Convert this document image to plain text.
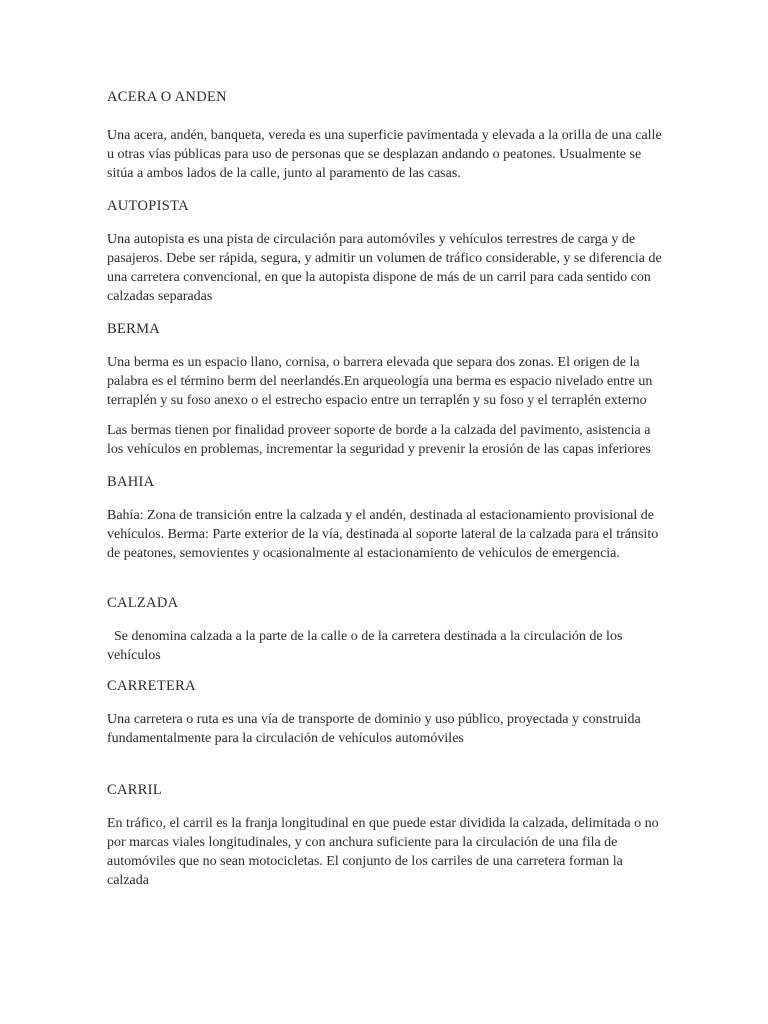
ACERA O ANDEN

Una acera, andén, banqueta, vereda es una superficie pavimentada y elevada a la orilla de una calle u otras vías públicas para uso de personas que se desplazan andando o peatones. Usualmente se sitúa a ambos lados de la calle, junto al paramento de las casas.

AUTOPISTA

Una autopista es una pista de circulación para automóviles y vehículos terrestres de carga y de pasajeros. Debe ser rápida, segura, y admitir un volumen de tráfico considerable, y se diferencia de una carretera convencional, en que la autopista dispone de más de un carril para cada sentido con calzadas separadas

BERMA

Una berma es un espacio llano, cornisa, o barrera elevada que separa dos zonas. El origen de la palabra es el término berm del neerlandés.En arqueología una berma es espacio nivelado entre un terraplén y su foso anexo o el estrecho espacio entre un terraplén y su foso y el terraplén externo

Las bermas tienen por finalidad proveer soporte de borde a la calzada del pavimento, asistencia a los vehículos en problemas, incrementar la seguridad y prevenir la erosión de las capas inferiores

BAHIA

Bahía: Zona de transición entre la calzada y el andén, destinada al estacionamiento provisional de vehículos. Berma: Parte exterior de la vía, destinada al soporte lateral de la calzada para el tránsito de peatones, semovientes y ocasionalmente al estacionamiento de vehículos de emergencia.

CALZADA

Se denomina calzada a la parte de la calle o de la carretera destinada a la circulación de los vehículos

CARRETERA

Una carretera o ruta es una vía de transporte de dominio y uso público, proyectada y construida fundamentalmente para la circulación de vehículos automóviles

CARRIL

En tráfico, el carril es la franja longitudinal en que puede estar dividida la calzada, delimitada o no por marcas viales longitudinales, y con anchura suficiente para la circulación de una fila de automóviles que no sean motocicletas. El conjunto de los carriles de una carretera forman la calzada
